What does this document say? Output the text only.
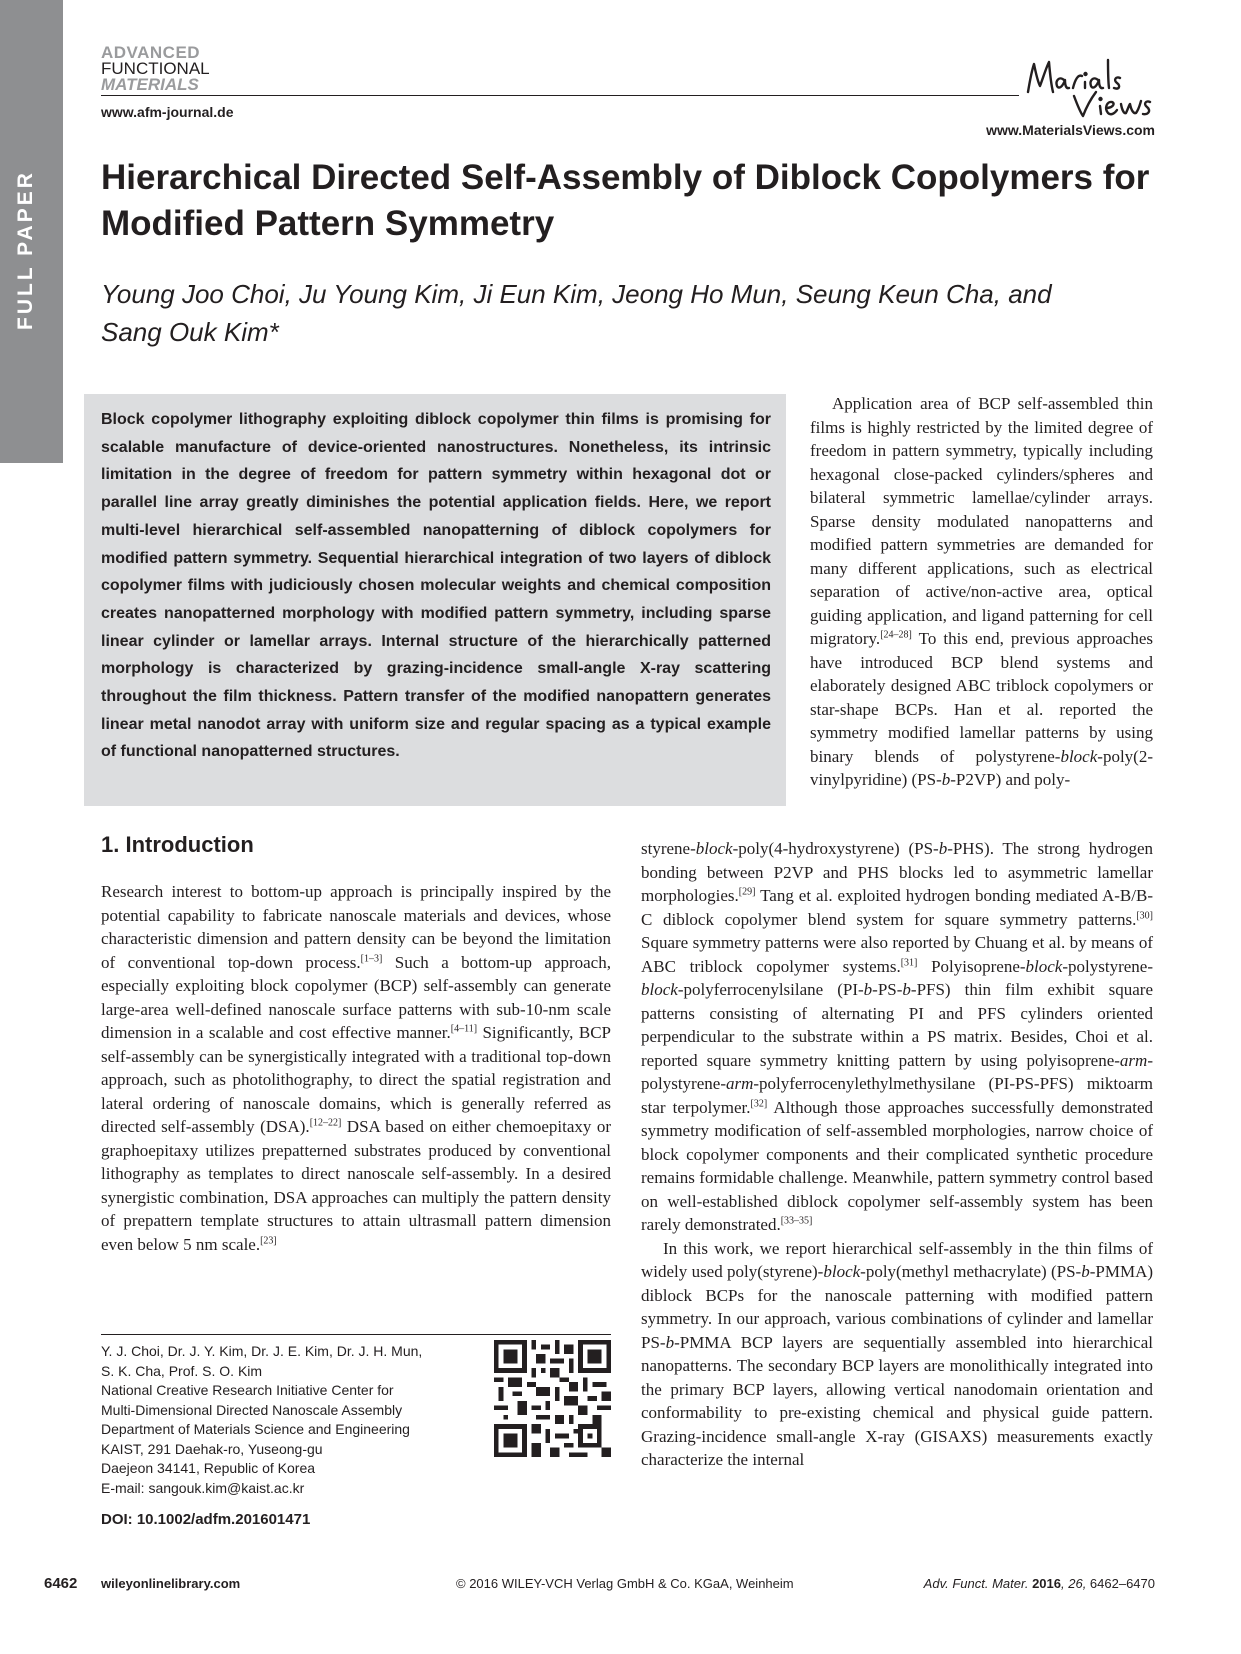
FULL PAPER
ADVANCED
FUNCTIONAL
MATERIALS
www.afm-journal.de
www.MaterialsViews.com
Hierarchical Directed Self-Assembly of Diblock Copolymers for Modified Pattern Symmetry
Young Joo Choi, Ju Young Kim, Ji Eun Kim, Jeong Ho Mun, Seung Keun Cha, and Sang Ouk Kim*

Block copolymer lithography exploiting diblock copolymer thin films is promising for scalable manufacture of device-oriented nanostructures. Nonetheless, its intrinsic limitation in the degree of freedom for pattern symmetry within hexagonal dot or parallel line array greatly diminishes the potential application fields. Here, we report multi-level hierarchical self-assembled nanopatterning of diblock copolymers for modified pattern symmetry. Sequential hierarchical integration of two layers of diblock copolymer films with judiciously chosen molecular weights and chemical composition creates nanopatterned morphology with modified pattern symmetry, including sparse linear cylinder or lamellar arrays. Internal structure of the hierarchically patterned morphology is characterized by grazing-incidence small-angle X-ray scattering throughout the film thickness. Pattern transfer of the modified nanopattern generates linear metal nanodot array with uniform size and regular spacing as a typical example of functional nanopatterned structures.

Application area of BCP self-assembled thin films is highly restricted by the limited degree of freedom in pattern symmetry, typically including hexagonal close-packed cylinders/spheres and bilateral symmetric lamellae/cylinder arrays. Sparse density modulated nanopatterns and modified pattern symmetries are demanded for many different applications, such as electrical separation of active/non-active area, optical guiding application, and ligand patterning for cell migratory.[24–28] To this end, previous approaches have introduced BCP blend systems and elaborately designed ABC triblock copolymers or star-shape BCPs. Han et al. reported the symmetry modified lamellar patterns by using binary blends of polystyrene-block-poly(2-vinylpyridine) (PS-b-P2VP) and poly-

1. Introduction

Research interest to bottom-up approach is principally inspired by the potential capability to fabricate nanoscale materials and devices, whose characteristic dimension and pattern density can be beyond the limitation of conventional top-down process.[1–3] Such a bottom-up approach, especially exploiting block copolymer (BCP) self-assembly can generate large-area well-defined nanoscale surface patterns with sub-10-nm scale dimension in a scalable and cost effective manner.[4–11] Significantly, BCP self-assembly can be synergistically integrated with a traditional top-down approach, such as photolithography, to direct the spatial registration and lateral ordering of nanoscale domains, which is generally referred as directed self-assembly (DSA).[12–22] DSA based on either chemoepitaxy or graphoepitaxy utilizes prepatterned substrates produced by conventional lithography as templates to direct nanoscale self-assembly. In a desired synergistic combination, DSA approaches can multiply the pattern density of prepattern template structures to attain ultrasmall pattern dimension even below 5 nm scale.[23]

styrene-block-poly(4-hydroxystyrene) (PS-b-PHS). The strong hydrogen bonding between P2VP and PHS blocks led to asymmetric lamellar morphologies.[29] Tang et al. exploited hydrogen bonding mediated A-B/B-C diblock copolymer blend system for square symmetry patterns.[30] Square symmetry patterns were also reported by Chuang et al. by means of ABC triblock copolymer systems.[31] Polyisoprene-block-polystyrene-block-polyferrocenylsilane (PI-b-PS-b-PFS) thin film exhibit square patterns consisting of alternating PI and PFS cylinders oriented perpendicular to the substrate within a PS matrix. Besides, Choi et al. reported square symmetry knitting pattern by using polyisoprene-arm-polystyrene-arm-polyferrocenylethylmethysilane (PI-PS-PFS) miktoarm star terpolymer.[32] Although those approaches successfully demonstrated symmetry modification of self-assembled morphologies, narrow choice of block copolymer components and their complicated synthetic procedure remains formidable challenge. Meanwhile, pattern symmetry control based on well-established diblock copolymer self-assembly system has been rarely demonstrated.[33–35]

In this work, we report hierarchical self-assembly in the thin films of widely used poly(styrene)-block-poly(methyl methacrylate) (PS-b-PMMA) diblock BCPs for the nanoscale patterning with modified pattern symmetry. In our approach, various combinations of cylinder and lamellar PS-b-PMMA BCP layers are sequentially assembled into hierarchical nanopatterns. The secondary BCP layers are monolithically integrated into the primary BCP layers, allowing vertical nanodomain orientation and conformability to pre-existing chemical and physical guide pattern. Grazing-incidence small-angle X-ray (GISAXS) measurements exactly characterize the internal

Y. J. Choi, Dr. J. Y. Kim, Dr. J. E. Kim, Dr. J. H. Mun,
S. K. Cha, Prof. S. O. Kim
National Creative Research Initiative Center for
Multi-Dimensional Directed Nanoscale Assembly
Department of Materials Science and Engineering
KAIST, 291 Daehak-ro, Yuseong-gu
Daejeon 34141, Republic of Korea
E-mail: sangouk.kim@kaist.ac.kr
DOI: 10.1002/adfm.201601471
6462 wileyonlinelibrary.com	© 2016 WILEY-VCH Verlag GmbH & Co. KGaA, Weinheim	Adv. Funct. Mater. 2016, 26, 6462–6470
